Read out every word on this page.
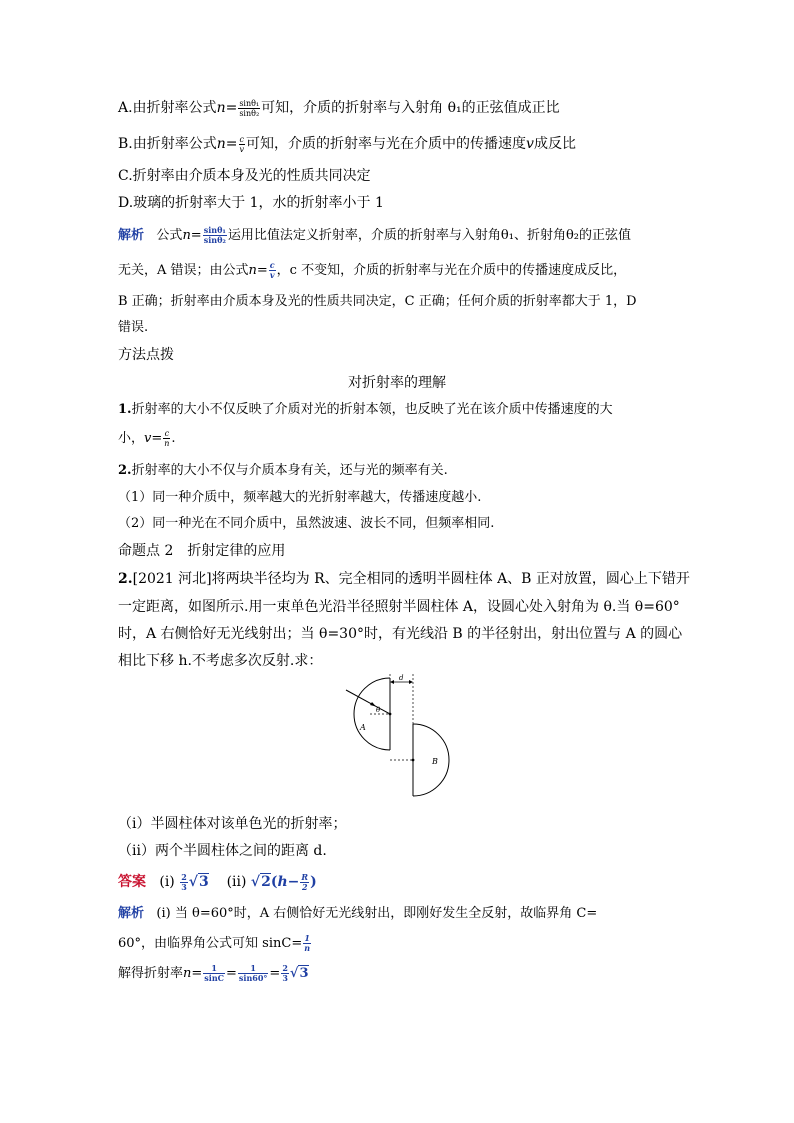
A.由折射率公式$n= \frac{\text{sinθ₁}}{\text{sinθ₂}}$ 可知，介质的折射率与入射角 θ₁的正弦值成正比
B.由折射率公式$n= \frac{c}{v}$ 可知，介质的折射率与光在介质中的传播速度v成反比
C.折射率由介质本身及光的性质共同决定
D.玻璃的折射率大于 1，水的折射率小于 1
解析 公式$n= \frac{\text{sinθ₁}}{\text{sinθ₂}}$ 运用比值法定义折射率，介质的折射率与入射角θ₁、折射角θ₂的正弦值
无关，A 错误；由公式$n= \frac{c}{v}$ ，c 不变知，介质的折射率与光在介质中的传播速度成反比，
B 正确；折射率由介质本身及光的性质共同决定，C 正确；任何介质的折射率都大于 1，D
错误.
方法点拨
对折射率的理解
1.折射率的大小不仅反映了介质对光的折射本领，也反映了光在该介质中传播速度的大
小，$v= \frac{c}{n}$ .
2.折射率的大小不仅与介质本身有关，还与光的频率有关.
（1）同一种介质中，频率越大的光折射率越大，传播速度越小.
（2）同一种光在不同介质中，虽然波速、波长不同，但频率相同.
命题点 2　折射定律的应用
2.[2021 河北]将两块半径均为 R、完全相同的透明半圆柱体 A、B 正对放置，圆心上下错开
一定距离，如图所示.用一束单色光沿半径照射半圆柱体 A，设圆心处入射角为 θ.当 θ=60°
时，A 右侧恰好无光线射出；当 θ=30°时，有光线沿 B 的半径射出，射出位置与 A 的圆心
相比下移 h.不考虑多次反射.求：
θ
A
B
d
（i）半圆柱体对该单色光的折射率；
（ii）两个半圆柱体之间的距离 d.
答案 $(i) \frac{2}{3} √3$ (ii) $√2(h- \frac{R}{2}$ )
解析 (i) 当 θ=60°时，A 右侧恰好无光线射出，即刚好发生全反射，故临界角 C=
60°，由临界角公式可知 $\sin C= \frac{1}{n}$
解得折射率$n= \frac{1}{\sin C} = \frac{1}{\sin 60^\circ} = \frac{2}{3} √3$
